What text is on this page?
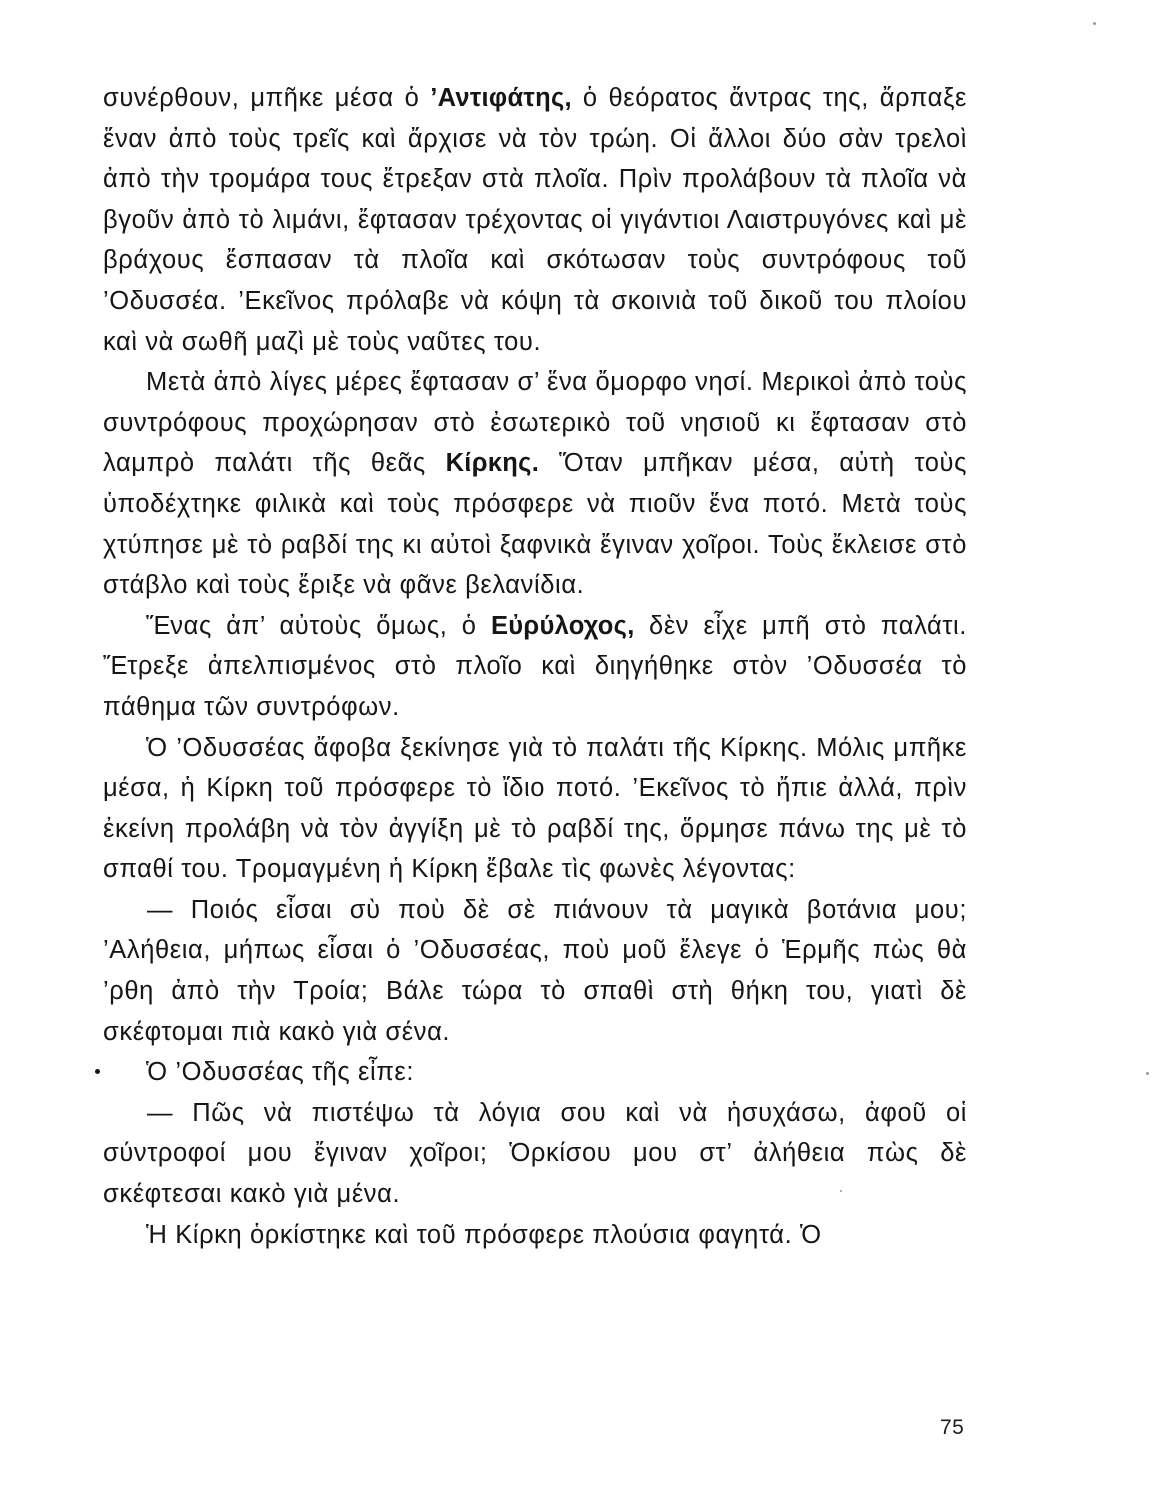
συνέρθουν, μπῆκε μέσα ὁ ’Αντιφάτης, ὁ θεόρατος ἄντρας της, ἄρπαξε ἕναν ἀπὸ τοὺς τρεῖς καὶ ἄρχισε νὰ τὸν τρώη. Οἱ ἄλλοι δύο σὰν τρελοὶ ἀπὸ τὴν τρομάρα τους ἔτρεξαν στὰ πλοῖα. Πρὶν προλάβουν τὰ πλοῖα νὰ βγοῦν ἀπὸ τὸ λιμάνι, ἔφτασαν τρέχοντας οἱ γιγάντιοι Λαιστρυγόνες καὶ μὲ βράχους ἔσπασαν τὰ πλοῖα καὶ σκότωσαν τοὺς συντρόφους τοῦ ’Οδυσσέα. ’Εκεῖνος πρόλαβε νὰ κόψη τὰ σκοινιὰ τοῦ δικοῦ του πλοίου καὶ νὰ σωθῆ μαζὶ μὲ τοὺς ναῦτες του.

Μετὰ ἀπὸ λίγες μέρες ἔφτασαν σ’ ἕνα ὄμορφο νησί. Μερικοὶ ἀπὸ τοὺς συντρόφους προχώρησαν στὸ ἐσωτερικὸ τοῦ νησιοῦ κι ἔφτασαν στὸ λαμπρὸ παλάτι τῆς θεᾶς Κίρκης. Ὅταν μπῆκαν μέσα, αὐτὴ τοὺς ὑποδέχτηκε φιλικὰ καὶ τοὺς πρόσφερε νὰ πιοῦν ἕνα ποτό. Μετὰ τοὺς χτύπησε μὲ τὸ ραβδί της κι αὐτοὶ ξαφνικὰ ἔγιναν χοῖροι. Τοὺς ἔκλεισε στὸ στάβλο καὶ τοὺς ἔριξε νὰ φᾶνε βελανίδια.

Ἕνας ἀπ’ αὐτοὺς ὅμως, ὁ Εὐρύλοχος, δὲν εἶχε μπῆ στὸ παλάτι. Ἔτρεξε ἀπελπισμένος στὸ πλοῖο καὶ διηγήθηκε στὸν ’Οδυσσέα τὸ πάθημα τῶν συντρόφων.

Ὁ ’Οδυσσέας ἄφοβα ξεκίνησε γιὰ τὸ παλάτι τῆς Κίρκης. Μόλις μπῆκε μέσα, ἡ Κίρκη τοῦ πρόσφερε τὸ ἴδιο ποτό. ’Εκεῖνος τὸ ἤπιε ἀλλά, πρὶν ἐκείνη προλάβη νὰ τὸν ἀγγίξη μὲ τὸ ραβδί της, ὅρμησε πάνω της μὲ τὸ σπαθί του. Τρομαγμένη ἡ Κίρκη ἔβαλε τὶς φωνὲς λέγοντας:

— Ποιός εἶσαι σὺ ποὺ δὲ σὲ πιάνουν τὰ μαγικὰ βοτάνια μου; ’Αλήθεια, μήπως εἶσαι ὁ ’Οδυσσέας, ποὺ μοῦ ἔλεγε ὁ Ἑρμῆς πὼς θὰ ’ρθη ἀπὸ τὴν Τροία; Βάλε τώρα τὸ σπαθὶ στὴ θήκη του, γιατὶ δὲ σκέφτομαι πιὰ κακὸ γιὰ σένα.

Ὁ ’Οδυσσέας τῆς εἶπε:

— Πῶς νὰ πιστέψω τὰ λόγια σου καὶ νὰ ἡσυχάσω, ἀφοῦ οἱ σύντροφοί μου ἔγιναν χοῖροι; Ὁρκίσου μου στ’ ἀλήθεια πὼς δὲ σκέφτεσαι κακὸ γιὰ μένα.

Ἡ Κίρκη ὁρκίστηκε καὶ τοῦ πρόσφερε πλούσια φαγητά. Ὁ

75
